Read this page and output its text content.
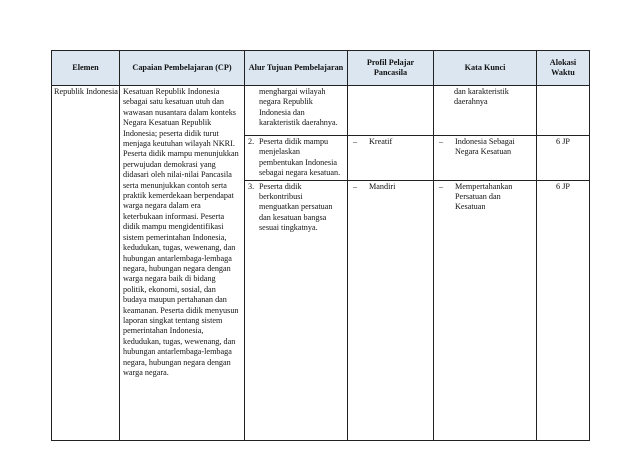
Elemen	Capaian Pembelajaran (CP)	Alur Tujuan Pembelajaran	Profil Pelajar Pancasila	Kata Kunci	Alokasi Waktu

Republik Indonesia	Kesatuan Republik Indonesia sebagai satu kesatuan utuh dan wawasan nusantara dalam konteks Negara Kesatuan Republik Indonesia; peserta didik turut menjaga keutuhan wilayah NKRI. Peserta didik mampu menunjukkan perwujudan demokrasi yang didasari oleh nilai-nilai Pancasila serta menunjukkan contoh serta praktik kemerdekaan berpendapat warga negara dalam era keterbukaan informasi. Peserta didik mampu mengidentifikasi sistem pemerintahan Indonesia, kedudukan, tugas, wewenang, dan hubungan antarlembaga-lembaga negara, hubungan negara dengan warga negara baik di bidang politik, ekonomi, sosial, dan budaya maupun pertahanan dan keamanan. Peserta didik menyusun laporan singkat tentang sistem pemerintahan Indonesia, kedudukan, tugas, wewenang, dan hubungan antarlembaga-lembaga negara, hubungan negara dengan warga negara.	menghargai wilayah negara Republik Indonesia dan karakteristik daerahnya.		dan karakteristik daerahnya	

		2. Peserta didik mampu menjelaskan pembentukan Indonesia sebagai negara kesatuan.	– Kreatif	– Indonesia Sebagai Negara Kesatuan	6 JP

		3. Peserta didik berkontribusi menguatkan persatuan dan kesatuan bangsa sesuai tingkatnya.	– Mandiri	– Mempertahankan Persatuan dan Kesatuan	6 JP
